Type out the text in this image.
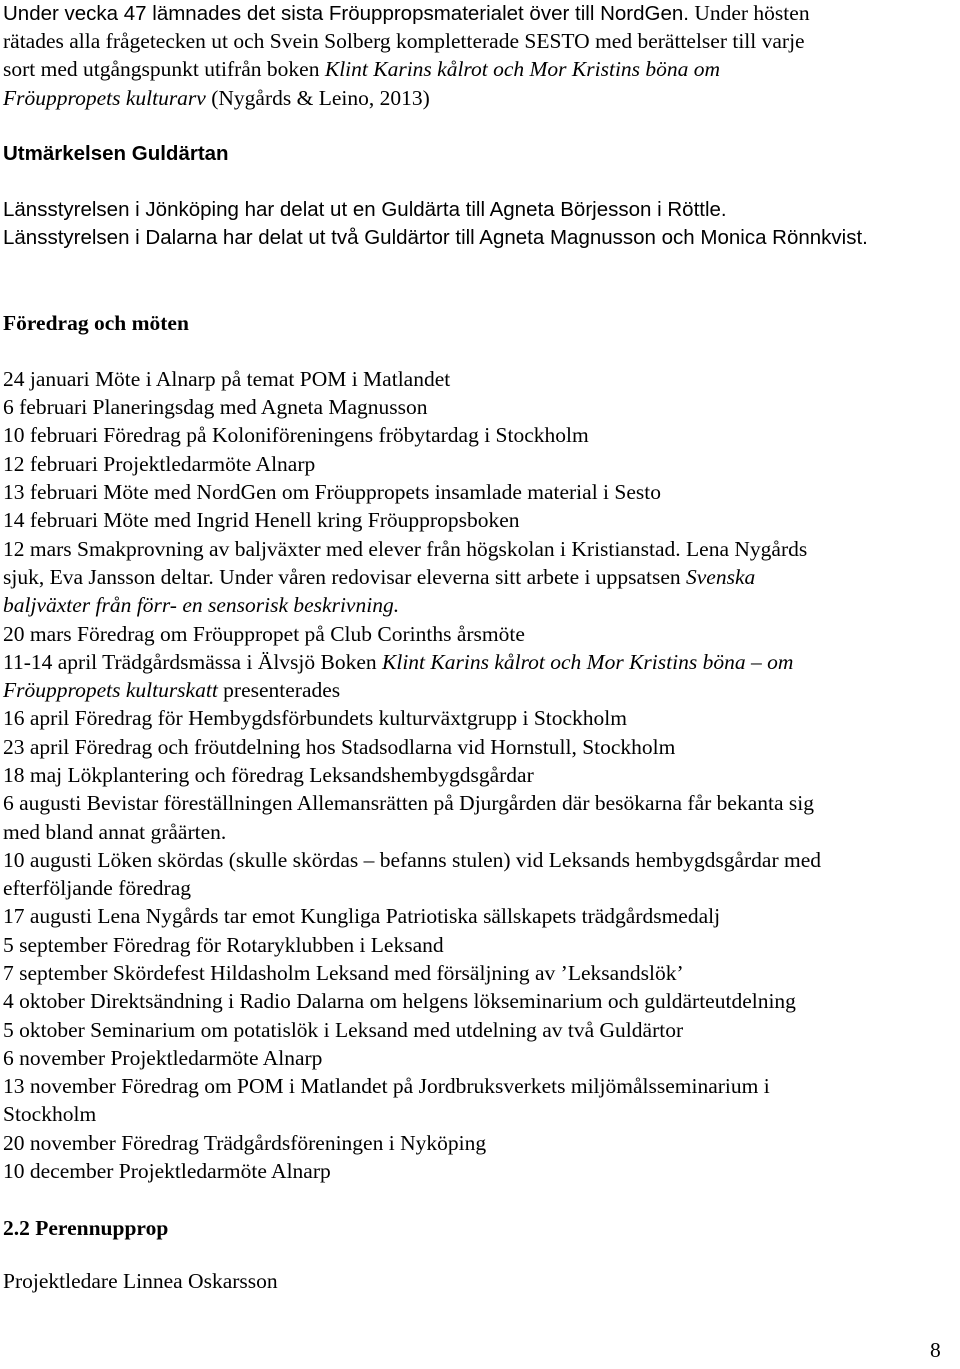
Under vecka 47 lämnades det sista Fröuppropsmaterialet över till NordGen. Under hösten
rätades alla frågetecken ut och Svein Solberg kompletterade SESTO med berättelser till varje
sort med utgångspunkt utifrån boken Klint Karins kålrot och Mor Kristins böna om
Fröuppropets kulturarv (Nygårds & Leino, 2013)
Utmärkelsen Guldärtan
Länsstyrelsen i Jönköping har delat ut en Guldärta till Agneta Börjesson i Röttle.
Länsstyrelsen i Dalarna har delat ut två Guldärtor till Agneta Magnusson och Monica Rönnkvist.
Föredrag och möten
24 januari Möte i Alnarp på temat POM i Matlandet
6 februari Planeringsdag med Agneta Magnusson
10 februari Föredrag på Koloniföreningens fröbytardag i Stockholm
12 februari Projektledarmöte Alnarp
13 februari Möte med NordGen om Fröuppropets insamlade material i Sesto
14 februari Möte med Ingrid Henell kring Fröuppropsboken
12 mars Smakprovning av baljväxter med elever från högskolan i Kristianstad. Lena Nygårds
sjuk, Eva Jansson deltar. Under våren redovisar eleverna sitt arbete i uppsatsen Svenska
baljväxter från förr- en sensorisk beskrivning.
20 mars Föredrag om Fröuppropet på Club Corinths årsmöte
11-14 april Trädgårdsmässa i Älvsjö Boken Klint Karins kålrot och Mor Kristins böna – om
Fröuppropets kulturskatt presenterades
16 april Föredrag för Hembygdsförbundets kulturväxtgrupp i Stockholm
23 april Föredrag och fröutdelning hos Stadsodlarna vid Hornstull, Stockholm
18 maj Lökplantering och föredrag Leksandshembygdsgårdar
6 augusti Bevistar föreställningen Allemansrätten på Djurgården där besökarna får bekanta sig
med bland annat gråärten.
10 augusti Löken skördas (skulle skördas – befanns stulen) vid Leksands hembygdsgårdar med
efterföljande föredrag
17 augusti Lena Nygårds tar emot Kungliga Patriotiska sällskapets trädgårdsmedalj
5 september Föredrag för Rotaryklubben i Leksand
7 september Skördefest Hildasholm Leksand med försäljning av ’Leksandslök’
4 oktober Direktsändning i Radio Dalarna om helgens lökseminarium och guldärteutdelning
5 oktober Seminarium om potatislök i Leksand med utdelning av två Guldärtor
6 november Projektledarmöte Alnarp
13 november Föredrag om POM i Matlandet på Jordbruksverkets miljömålsseminarium i
Stockholm
20 november Föredrag Trädgårdsföreningen i Nyköping
10 december Projektledarmöte Alnarp
2.2 Perennupprop
Projektledare Linnea Oskarsson
8
